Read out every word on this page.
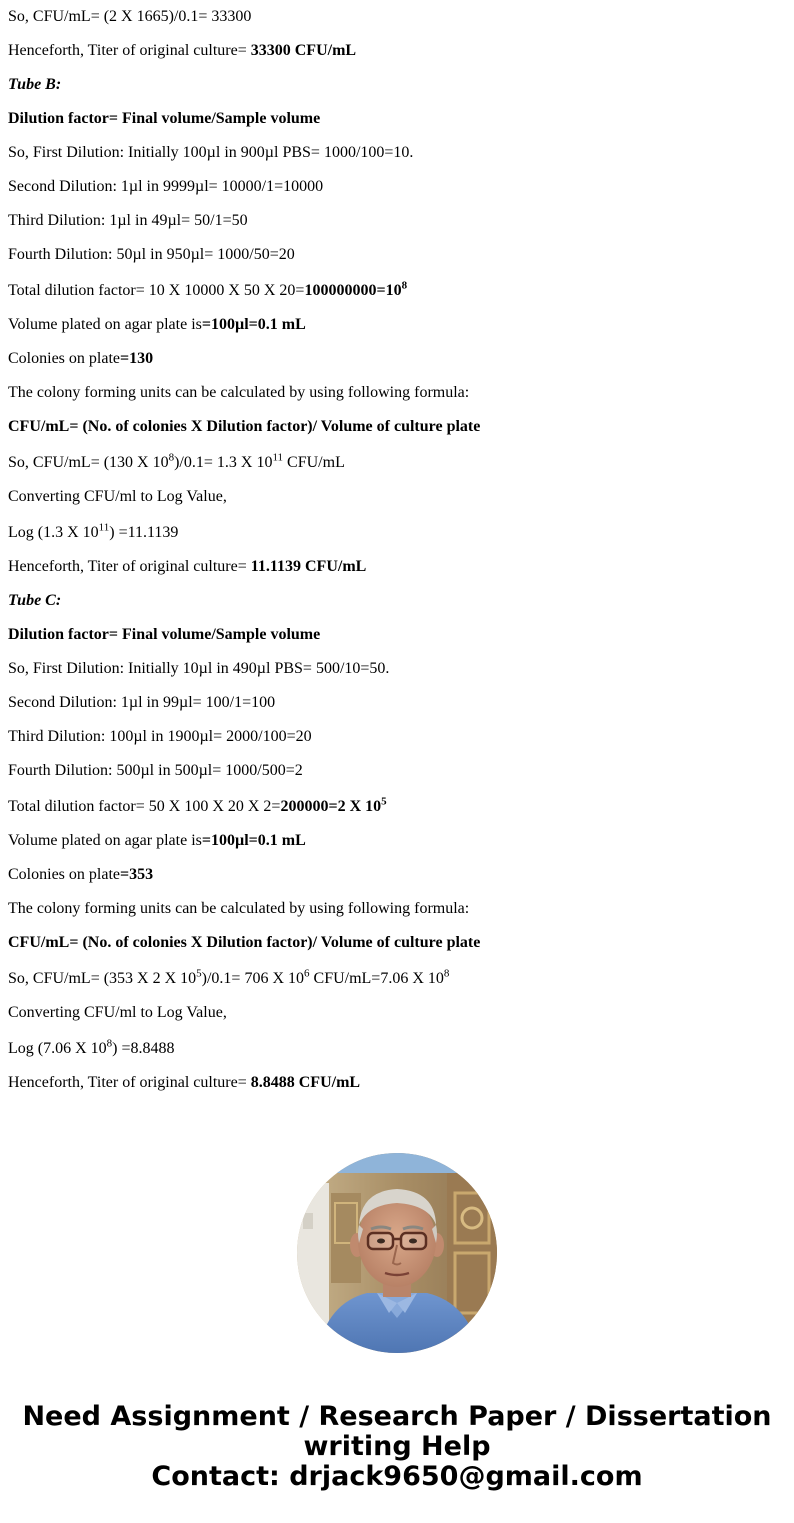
So, CFU/mL= (2 X 1665)/0.1= 33300

Henceforth, Titer of original culture= 33300 CFU/mL

Tube B:

Dilution factor= Final volume/Sample volume

So, First Dilution: Initially 100µl in 900µl PBS= 1000/100=10.

Second Dilution: 1µl in 9999µl= 10000/1=10000

Third Dilution: 1µl in 49µl= 50/1=50

Fourth Dilution: 50µl in 950µl= 1000/50=20

Total dilution factor= 10 X 10000 X 50 X $20=100000000=10^8$

Volume plated on agar plate is=100µl=0.1 mL

Colonies on plate=130

The colony forming units can be calculated by using following formula:

CFU/mL= (No. of colonies X Dilution factor)/ Volume of culture plate

So, CFU/mL= (130 X $10^8)/0.1= 1.3$ X $10^{11}$ CFU/mL

Converting CFU/ml to Log Value,

Log (1.3 X $10^{11}) =11.1139$

Henceforth, Titer of original culture= 11.1139 CFU/mL

Tube C:

Dilution factor= Final volume/Sample volume

So, First Dilution: Initially 10µl in 490µl PBS= 500/10=50.

Second Dilution: 1µl in 99µl= 100/1=100

Third Dilution: 100µl in 1900µl= 2000/100=20

Fourth Dilution: 500µl in 500µl= 1000/500=2

Total dilution factor= 50 X 100 X 20 X 2=200000=2 X $10^5$

Volume plated on agar plate is=100µl=0.1 mL

Colonies on plate=353

The colony forming units can be calculated by using following formula:

CFU/mL= (No. of colonies X Dilution factor)/ Volume of culture plate

So, CFU/mL= (353 X 2 X $10^5)/0.1= 706$ X $10^6$ CFU/mL=7.06 X $10^8$

Converting CFU/ml to Log Value,

Log (7.06 X $10^8) =8.8488$

Henceforth, Titer of original culture= 8.8488 CFU/mL

Need Assignment / Research Paper / Dissertation
writing Help
Contact: drjack9650@gmail.com
